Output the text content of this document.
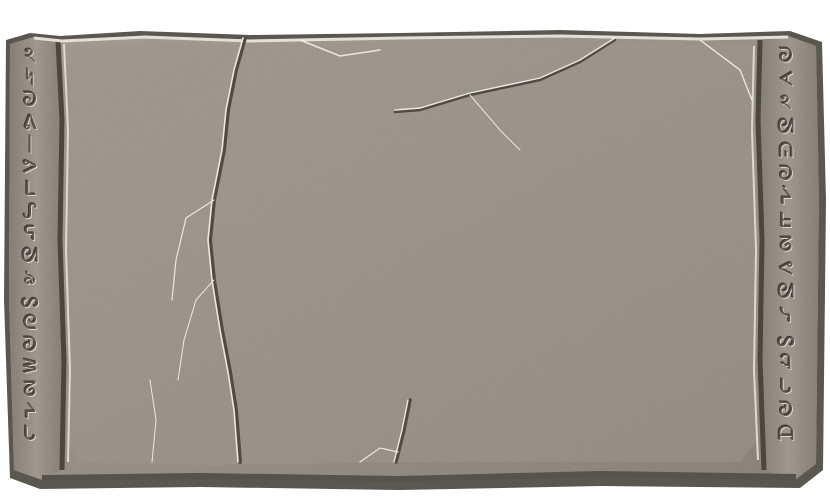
ঽ
ᛋ
ᘐ
ᕕ
ᛁ
ᕗ
ᒪ
ᔑ
ᕋ
ᘛ
ঌ
ᔕ
ᘓ
ᘑ
ᕒ
ᘔ
ᔨ
ᘂ
ᘒ
ᗉ
ঽ
ᘛ
ᕬ
ᘐ
ᔩ
ᖶ
ᘔ
ᕙ
ᘛ
ᓭ
ᔕ
Ꮈ
ᘂ
ᘑ
ᗩ
